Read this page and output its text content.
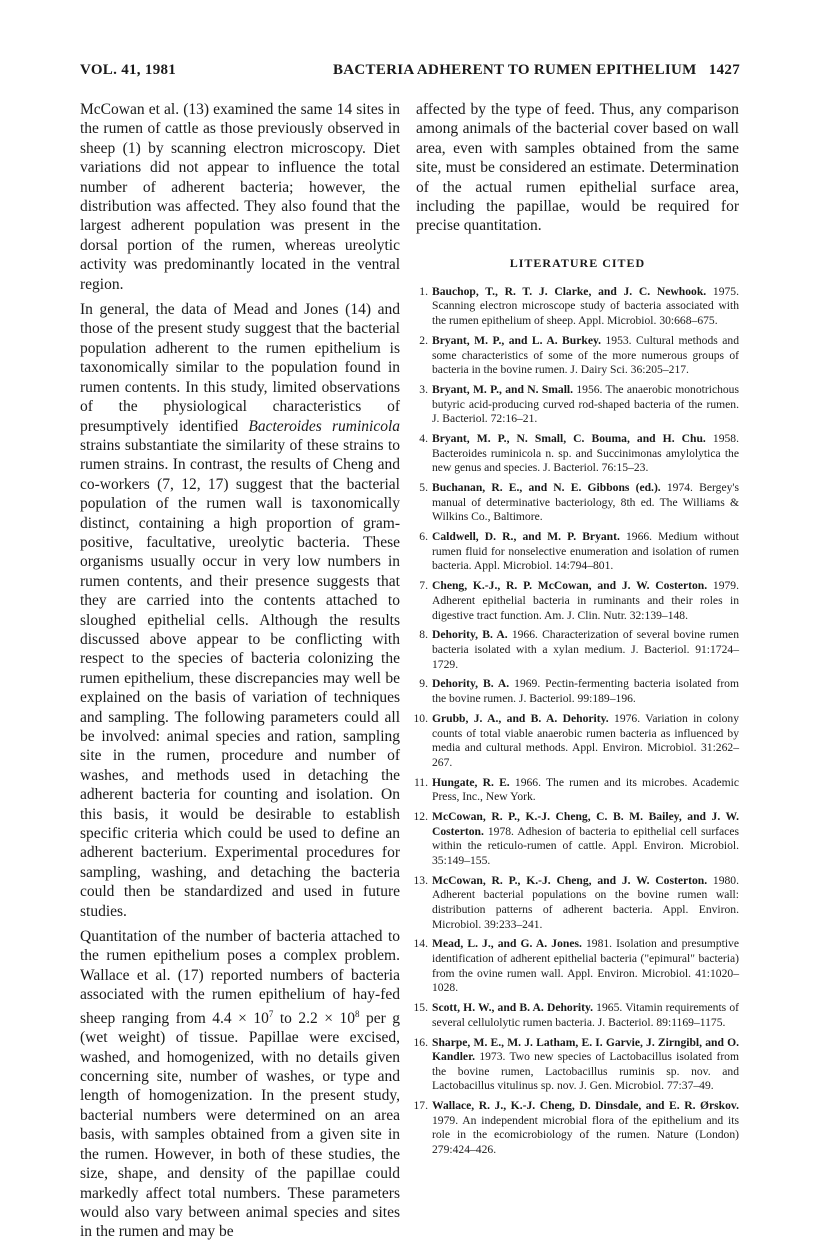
VOL. 41, 1981	BACTERIA ADHERENT TO RUMEN EPITHELIUM 1427

McCowan et al. (13) examined the same 14 sites in the rumen of cattle as those previously observed in sheep (1) by scanning electron microscopy. Diet variations did not appear to influence the total number of adherent bacteria; however, the distribution was affected. They also found that the largest adherent population was present in the dorsal portion of the rumen, whereas ureolytic activity was predominantly located in the ventral region.

In general, the data of Mead and Jones (14) and those of the present study suggest that the bacterial population adherent to the rumen epithelium is taxonomically similar to the population found in rumen contents. In this study, limited observations of the physiological characteristics of presumptively identified Bacteroides ruminicola strains substantiate the similarity of these strains to rumen strains. In contrast, the results of Cheng and co-workers (7, 12, 17) suggest that the bacterial population of the rumen wall is taxonomically distinct, containing a high proportion of gram-positive, facultative, ureolytic bacteria. These organisms usually occur in very low numbers in rumen contents, and their presence suggests that they are carried into the contents attached to sloughed epithelial cells. Although the results discussed above appear to be conflicting with respect to the species of bacteria colonizing the rumen epithelium, these discrepancies may well be explained on the basis of variation of techniques and sampling. The following parameters could all be involved: animal species and ration, sampling site in the rumen, procedure and number of washes, and methods used in detaching the adherent bacteria for counting and isolation. On this basis, it would be desirable to establish specific criteria which could be used to define an adherent bacterium. Experimental procedures for sampling, washing, and detaching the bacteria could then be standardized and used in future studies.

Quantitation of the number of bacteria attached to the rumen epithelium poses a complex problem. Wallace et al. (17) reported numbers of bacteria associated with the rumen epithelium of hay-fed sheep ranging from $4.4 \times 10^7$ to $2.2 \times 10^8$ per g (wet weight) of tissue. Papillae were excised, washed, and homogenized, with no details given concerning site, number of washes, or type and length of homogenization. In the present study, bacterial numbers were determined on an area basis, with samples obtained from a given site in the rumen. However, in both of these studies, the size, shape, and density of the papillae could markedly affect total numbers. These parameters would also vary between animal species and sites in the rumen and may be

affected by the type of feed. Thus, any comparison among animals of the bacterial cover based on wall area, even with samples obtained from the same site, must be considered an estimate. Determination of the actual rumen epithelial surface area, including the papillae, would be required for precise quantitation.

LITERATURE CITED
1. Bauchop, T., R. T. J. Clarke, and J. C. Newhook. 1975. Scanning electron microscope study of bacteria associated with the rumen epithelium of sheep. Appl. Microbiol. 30:668–675.
2. Bryant, M. P., and L. A. Burkey. 1953. Cultural methods and some characteristics of some of the more numerous groups of bacteria in the bovine rumen. J. Dairy Sci. 36:205–217.
3. Bryant, M. P., and N. Small. 1956. The anaerobic monotrichous butyric acid-producing curved rod-shaped bacteria of the rumen. J. Bacteriol. 72:16–21.
4. Bryant, M. P., N. Small, C. Bouma, and H. Chu. 1958. Bacteroides ruminicola n. sp. and Succinimonas amylolytica the new genus and species. J. Bacteriol. 76:15–23.
5. Buchanan, R. E., and N. E. Gibbons (ed.). 1974. Bergey's manual of determinative bacteriology, 8th ed. The Williams & Wilkins Co., Baltimore.
6. Caldwell, D. R., and M. P. Bryant. 1966. Medium without rumen fluid for nonselective enumeration and isolation of rumen bacteria. Appl. Microbiol. 14:794–801.
7. Cheng, K.-J., R. P. McCowan, and J. W. Costerton. 1979. Adherent epithelial bacteria in ruminants and their roles in digestive tract function. Am. J. Clin. Nutr. 32:139–148.
8. Dehority, B. A. 1966. Characterization of several bovine rumen bacteria isolated with a xylan medium. J. Bacteriol. 91:1724–1729.
9. Dehority, B. A. 1969. Pectin-fermenting bacteria isolated from the bovine rumen. J. Bacteriol. 99:189–196.
10. Grubb, J. A., and B. A. Dehority. 1976. Variation in colony counts of total viable anaerobic rumen bacteria as influenced by media and cultural methods. Appl. Environ. Microbiol. 31:262–267.
11. Hungate, R. E. 1966. The rumen and its microbes. Academic Press, Inc., New York.
12. McCowan, R. P., K.-J. Cheng, C. B. M. Bailey, and J. W. Costerton. 1978. Adhesion of bacteria to epithelial cell surfaces within the reticulo-rumen of cattle. Appl. Environ. Microbiol. 35:149–155.
13. McCowan, R. P., K.-J. Cheng, and J. W. Costerton. 1980. Adherent bacterial populations on the bovine rumen wall: distribution patterns of adherent bacteria. Appl. Environ. Microbiol. 39:233–241.
14. Mead, L. J., and G. A. Jones. 1981. Isolation and presumptive identification of adherent epithelial bacteria ("epimural" bacteria) from the ovine rumen wall. Appl. Environ. Microbiol. 41:1020–1028.
15. Scott, H. W., and B. A. Dehority. 1965. Vitamin requirements of several cellulolytic rumen bacteria. J. Bacteriol. 89:1169–1175.
16. Sharpe, M. E., M. J. Latham, E. I. Garvie, J. Zirngibl, and O. Kandler. 1973. Two new species of Lactobacillus isolated from the bovine rumen, Lactobacillus ruminis sp. nov. and Lactobacillus vitulinus sp. nov. J. Gen. Microbiol. 77:37–49.
17. Wallace, R. J., K.-J. Cheng, D. Dinsdale, and E. R. Ørskov. 1979. An independent microbial flora of the epithelium and its role in the ecomicrobiology of the rumen. Nature (London) 279:424–426.
